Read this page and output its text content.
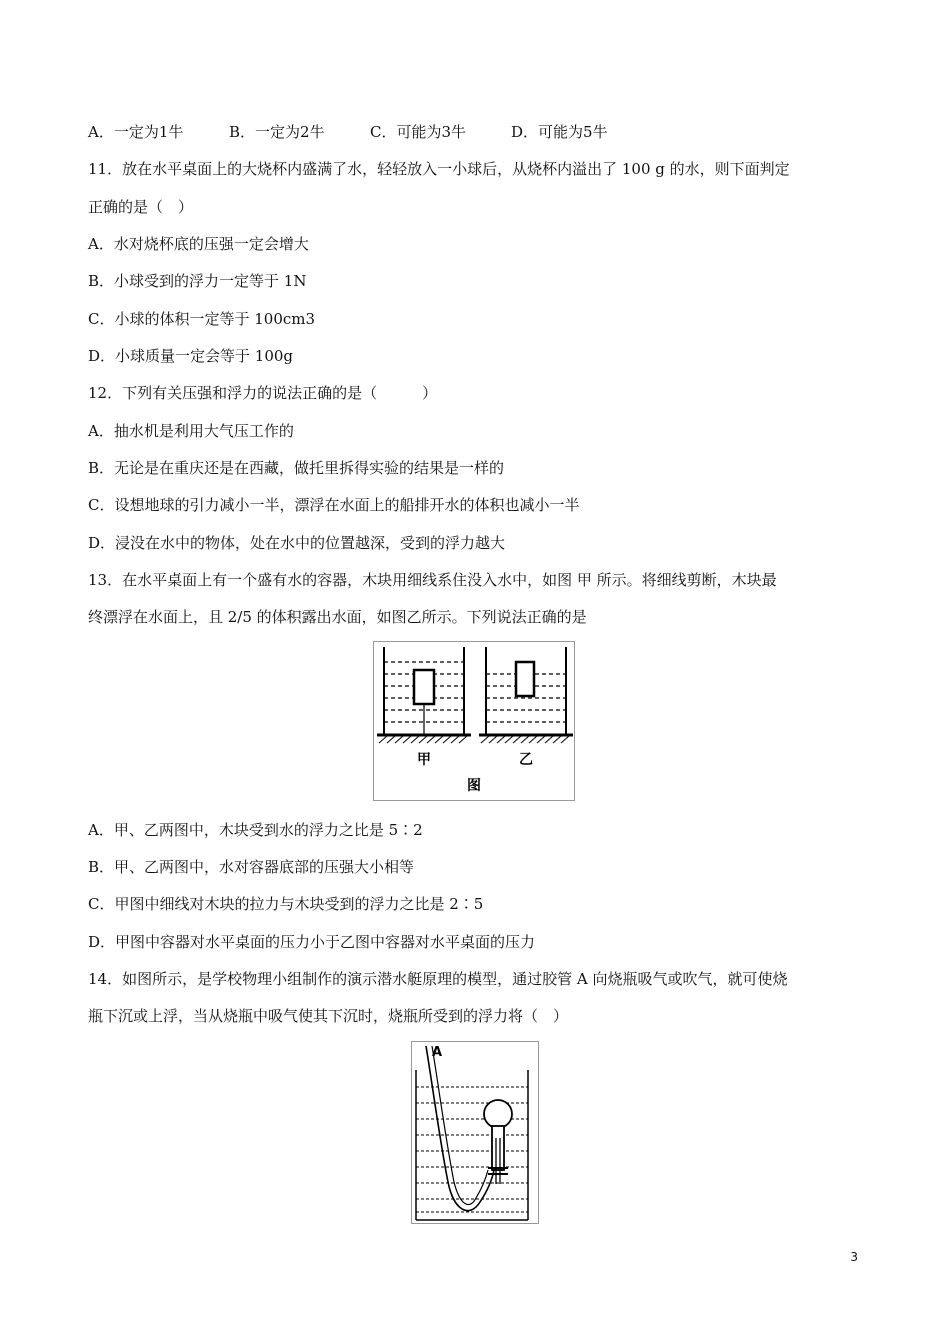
A．一定为1牛	B．一定为2牛	C．可能为3牛	D．可能为5牛
11．放在水平桌面上的大烧杯内盛满了水，轻轻放入一小球后，从烧杯内溢出了 100 g 的水，则下面判定
正确的是（　）
A．水对烧杯底的压强一定会增大
B．小球受到的浮力一定等于 1N
C．小球的体积一定等于 100cm3
D．小球质量一定会等于 100g
12．下列有关压强和浮力的说法正确的是（　　　）
A．抽水机是利用大气压工作的
B．无论是在重庆还是在西藏，做托里拆得实验的结果是一样的
C．设想地球的引力减小一半，漂浮在水面上的船排开水的体积也减小一半
D．浸没在水中的物体，处在水中的位置越深，受到的浮力越大
13．在水平桌面上有一个盛有水的容器，木块用细线系住没入水中，如图 甲 所示。将细线剪断，木块最
终漂浮在水面上，且 2/5 的体积露出水面，如图乙所示。下列说法正确的是
甲	乙
图
A．甲、乙两图中，木块受到水的浮力之比是 5∶2
B．甲、乙两图中，水对容器底部的压强大小相等
C．甲图中细线对木块的拉力与木块受到的浮力之比是 2∶5
D．甲图中容器对水平桌面的压力小于乙图中容器对水平桌面的压力
14．如图所示，是学校物理小组制作的演示潜水艇原理的模型，通过胶管 A 向烧瓶吸气或吹气，就可使烧
瓶下沉或上浮，当从烧瓶中吸气使其下沉时，烧瓶所受到的浮力将（　）
A
3
